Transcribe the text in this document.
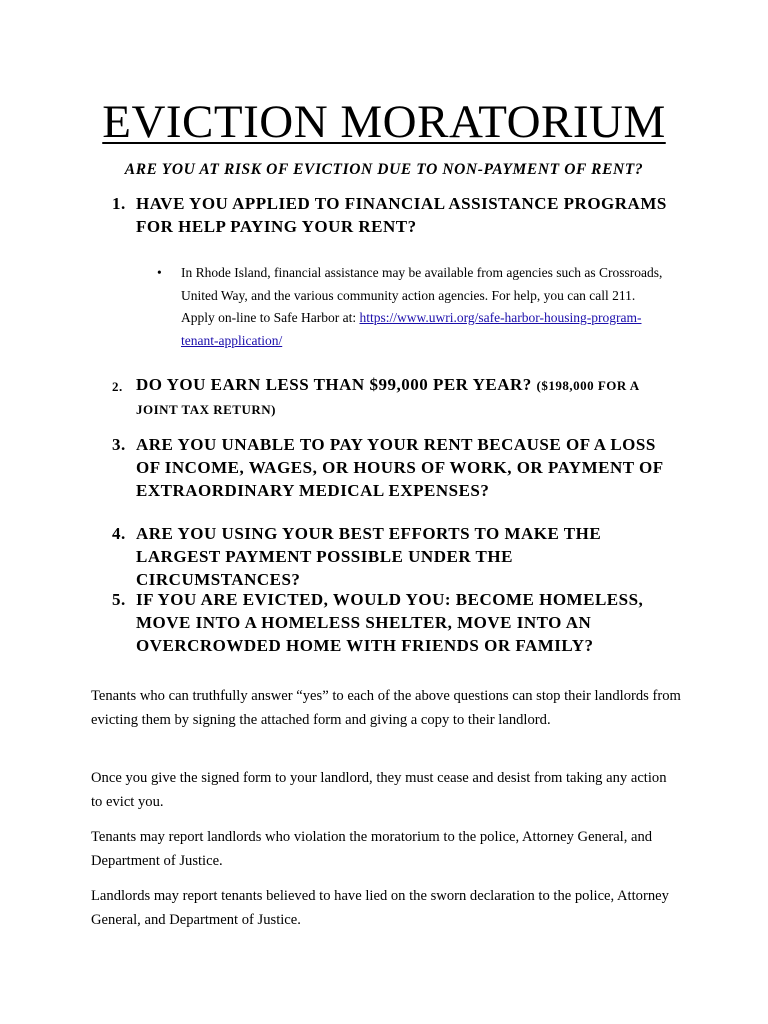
EVICTION MORATORIUM
ARE YOU AT RISK OF EVICTION DUE TO NON-PAYMENT OF RENT?
1. HAVE YOU APPLIED TO FINANCIAL ASSISTANCE PROGRAMS FOR HELP PAYING YOUR RENT?
• In Rhode Island, financial assistance may be available from agencies such as Crossroads, United Way, and the various community action agencies. For help, you can call 211. Apply on-line to Safe Harbor at: https://www.uwri.org/safe-harbor-housing-program-tenant-application/
2. DO YOU EARN LESS THAN $99,000 PER YEAR? ($198,000 FOR A JOINT TAX RETURN)
3. ARE YOU UNABLE TO PAY YOUR RENT BECAUSE OF A LOSS OF INCOME, WAGES, OR HOURS OF WORK, OR PAYMENT OF EXTRAORDINARY MEDICAL EXPENSES?
4. ARE YOU USING YOUR BEST EFFORTS TO MAKE THE LARGEST PAYMENT POSSIBLE UNDER THE CIRCUMSTANCES?
5. IF YOU ARE EVICTED, WOULD YOU: BECOME HOMELESS, MOVE INTO A HOMELESS SHELTER, MOVE INTO AN OVERCROWDED HOME WITH FRIENDS OR FAMILY?

Tenants who can truthfully answer “yes” to each of the above questions can stop their landlords from evicting them by signing the attached form and giving a copy to their landlord.

Once you give the signed form to your landlord, they must cease and desist from taking any action to evict you.

Tenants may report landlords who violation the moratorium to the police, Attorney General, and Department of Justice.

Landlords may report tenants believed to have lied on the sworn declaration to the police, Attorney General, and Department of Justice.
